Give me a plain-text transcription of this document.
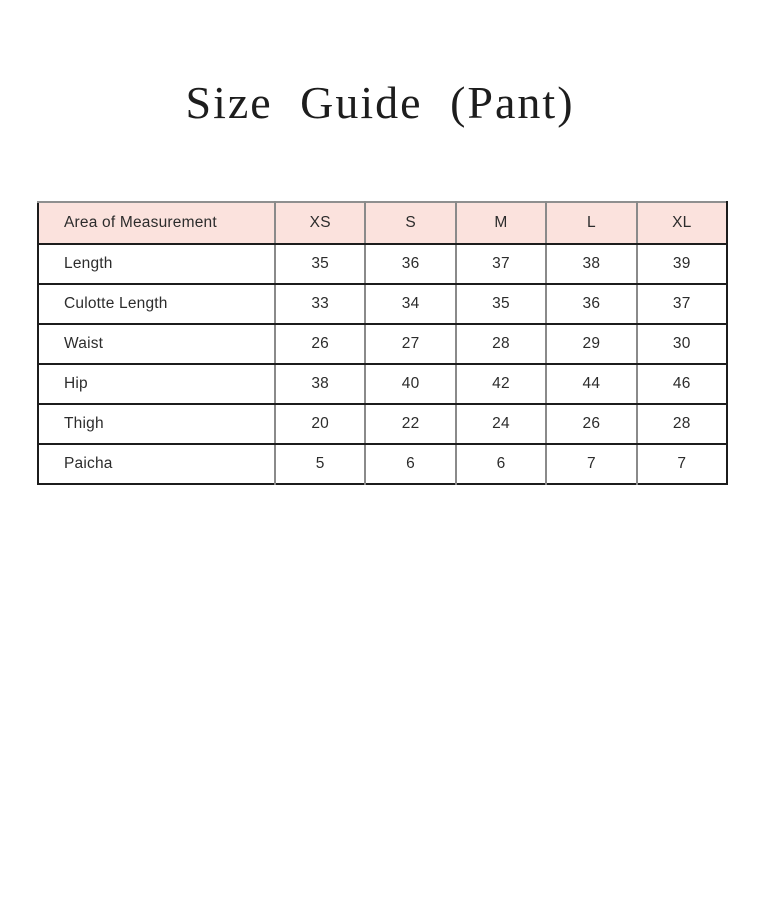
Size Guide (Pant)
Area of Measurement	XS	S	M	L	XL
Length	35	36	37	38	39
Culotte Length	33	34	35	36	37
Waist	26	27	28	29	30
Hip	38	40	42	44	46
Thigh	20	22	24	26	28
Paicha	5	6	6	7	7
